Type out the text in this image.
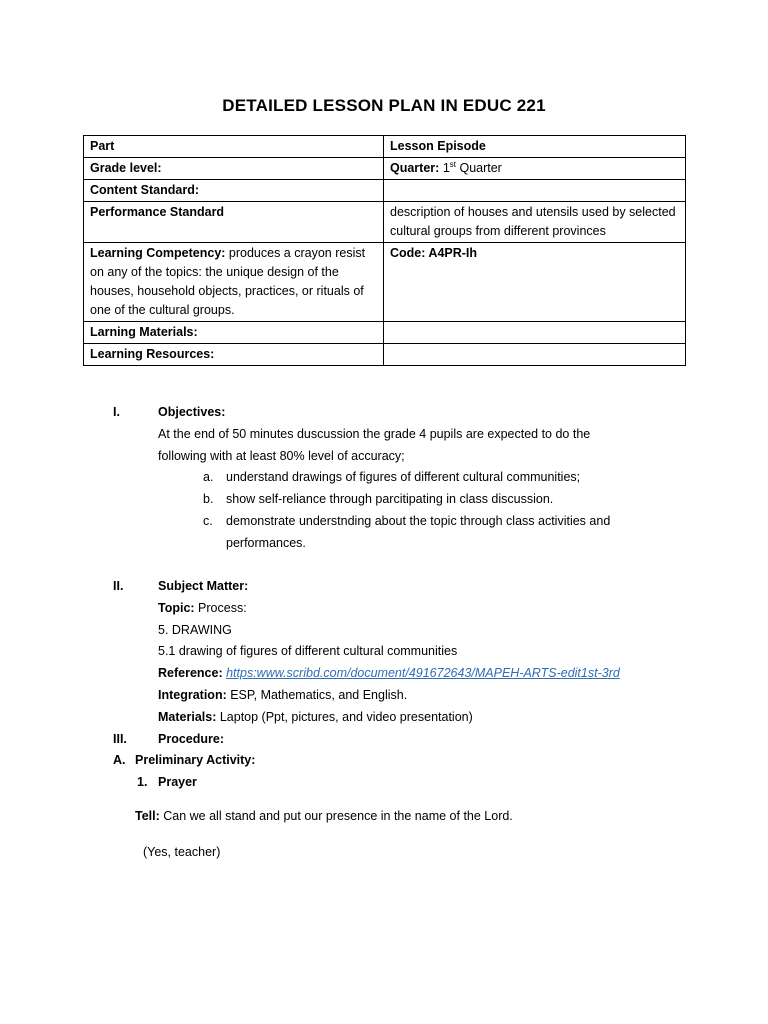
DETAILED LESSON PLAN IN EDUC 221
Part	Lesson Episode
Grade level:	Quarter: 1st Quarter
Content Standard:	
Performance Standard	description of houses and utensils used by selected cultural groups from different provinces
Learning Competency: produces a crayon resist on any of the topics: the unique design of the houses, household objects, practices, or rituals of one of the cultural groups.	Code: A4PR-Ih
Larning Materials:	
Learning Resources:	
I.	Objectives:
At the end of 50 minutes duscussion the grade 4 pupils are expected to do the
following with at least 80% level of accuracy;
a. understand drawings of figures of different cultural communities;
b. show self-reliance through parcitipating in class discussion.
c. demonstrate understnding about the topic through class activities and
performances.
II.	Subject Matter:
Topic: Process:
5. DRAWING
5.1 drawing of figures of different cultural communities
Reference: https:www.scribd.com/document/491672643/MAPEH-ARTS-edit1st-3rd
Integration: ESP, Mathematics, and English.
Materials: Laptop (Ppt, pictures, and video presentation)
III. Procedure:
A. Preliminary Activity:
1. Prayer
Tell: Can we all stand and put our presence in the name of the Lord.
(Yes, teacher)
